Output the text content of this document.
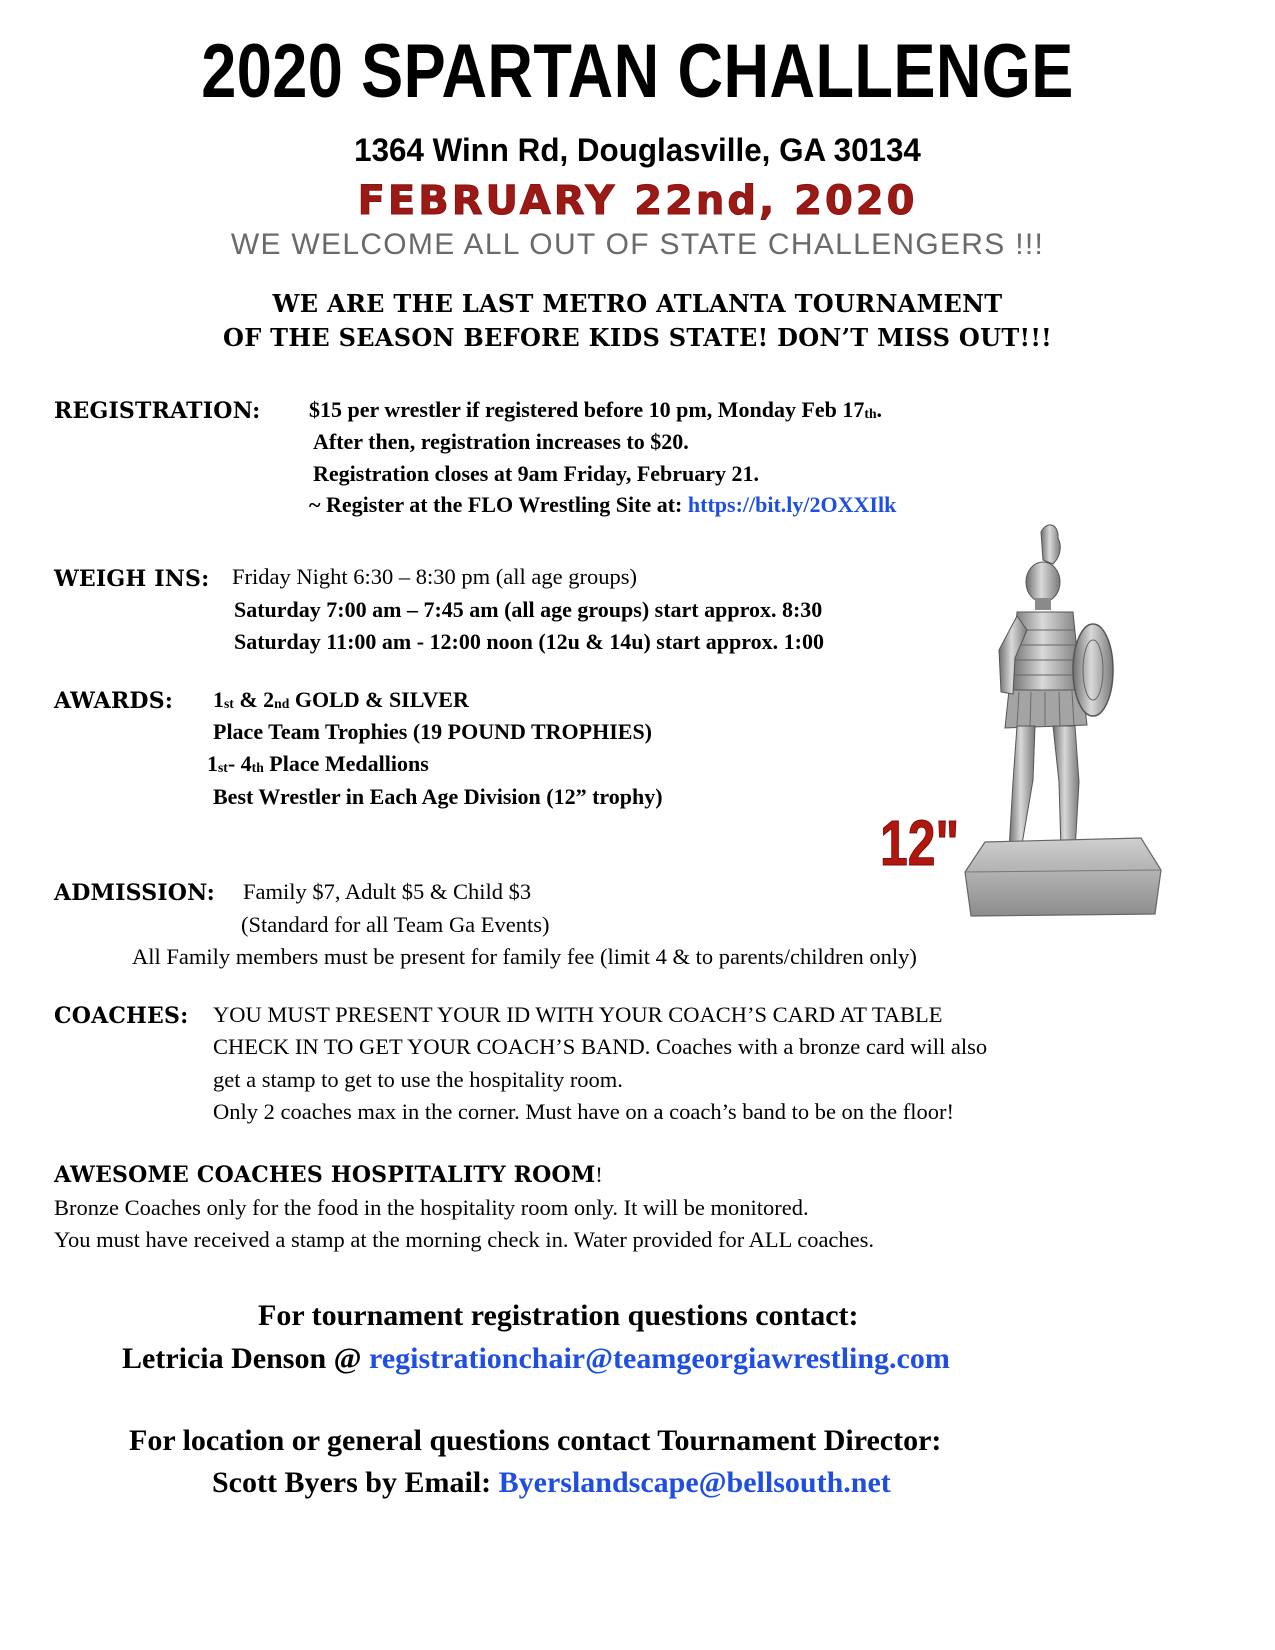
2020 SPARTAN CHALLENGE
1364 Winn Rd, Douglasville, GA 30134
FEBRUARY 22nd, 2020
WE WELCOME ALL OUT OF STATE CHALLENGERS !!!
WE ARE THE LAST METRO ATLANTA TOURNAMENT
OF THE SEASON BEFORE KIDS STATE! DON’T MISS OUT!!!
REGISTRATION: $15 per wrestler if registered before 10 pm, Monday Feb $17_{th}$.
After then, registration increases to $20.
Registration closes at 9am Friday, February 21.
~ Register at the FLO Wrestling Site at: https://bit.ly/2OXXIlk
WEIGH INS: Friday Night 6:30 – 8:30 pm (all age groups)
Saturday 7:00 am – 7:45 am (all age groups) start approx. 8:30
Saturday 11:00 am - 12:00 noon (12u & 14u) start approx. 1:00
AWARDS: $1_{st}$ & $2_{nd}$ GOLD & SILVER
Place Team Trophies (19 POUND TROPHIES)
$1_{st}-$ $4_{th}$ Place Medallions
Best Wrestler in Each Age Division (12” trophy)
12"
ADMISSION: Family $7, Adult $5 & Child $3
(Standard for all Team Ga Events)
All Family members must be present for family fee (limit 4 & to parents/children only)
COACHES: YOU MUST PRESENT YOUR ID WITH YOUR COACH’S CARD AT TABLE
CHECK IN TO GET YOUR COACH’S BAND. Coaches with a bronze card will also
get a stamp to get to use the hospitality room.
Only 2 coaches max in the corner. Must have on a coach’s band to be on the floor!
AWESOME COACHES HOSPITALITY ROOM!
Bronze Coaches only for the food in the hospitality room only. It will be monitored.
You must have received a stamp at the morning check in. Water provided for ALL coaches.
For tournament registration questions contact:
Letricia Denson @ registrationchair@teamgeorgiawrestling.com
For location or general questions contact Tournament Director:
Scott Byers by Email: Byerslandscape@bellsouth.net
